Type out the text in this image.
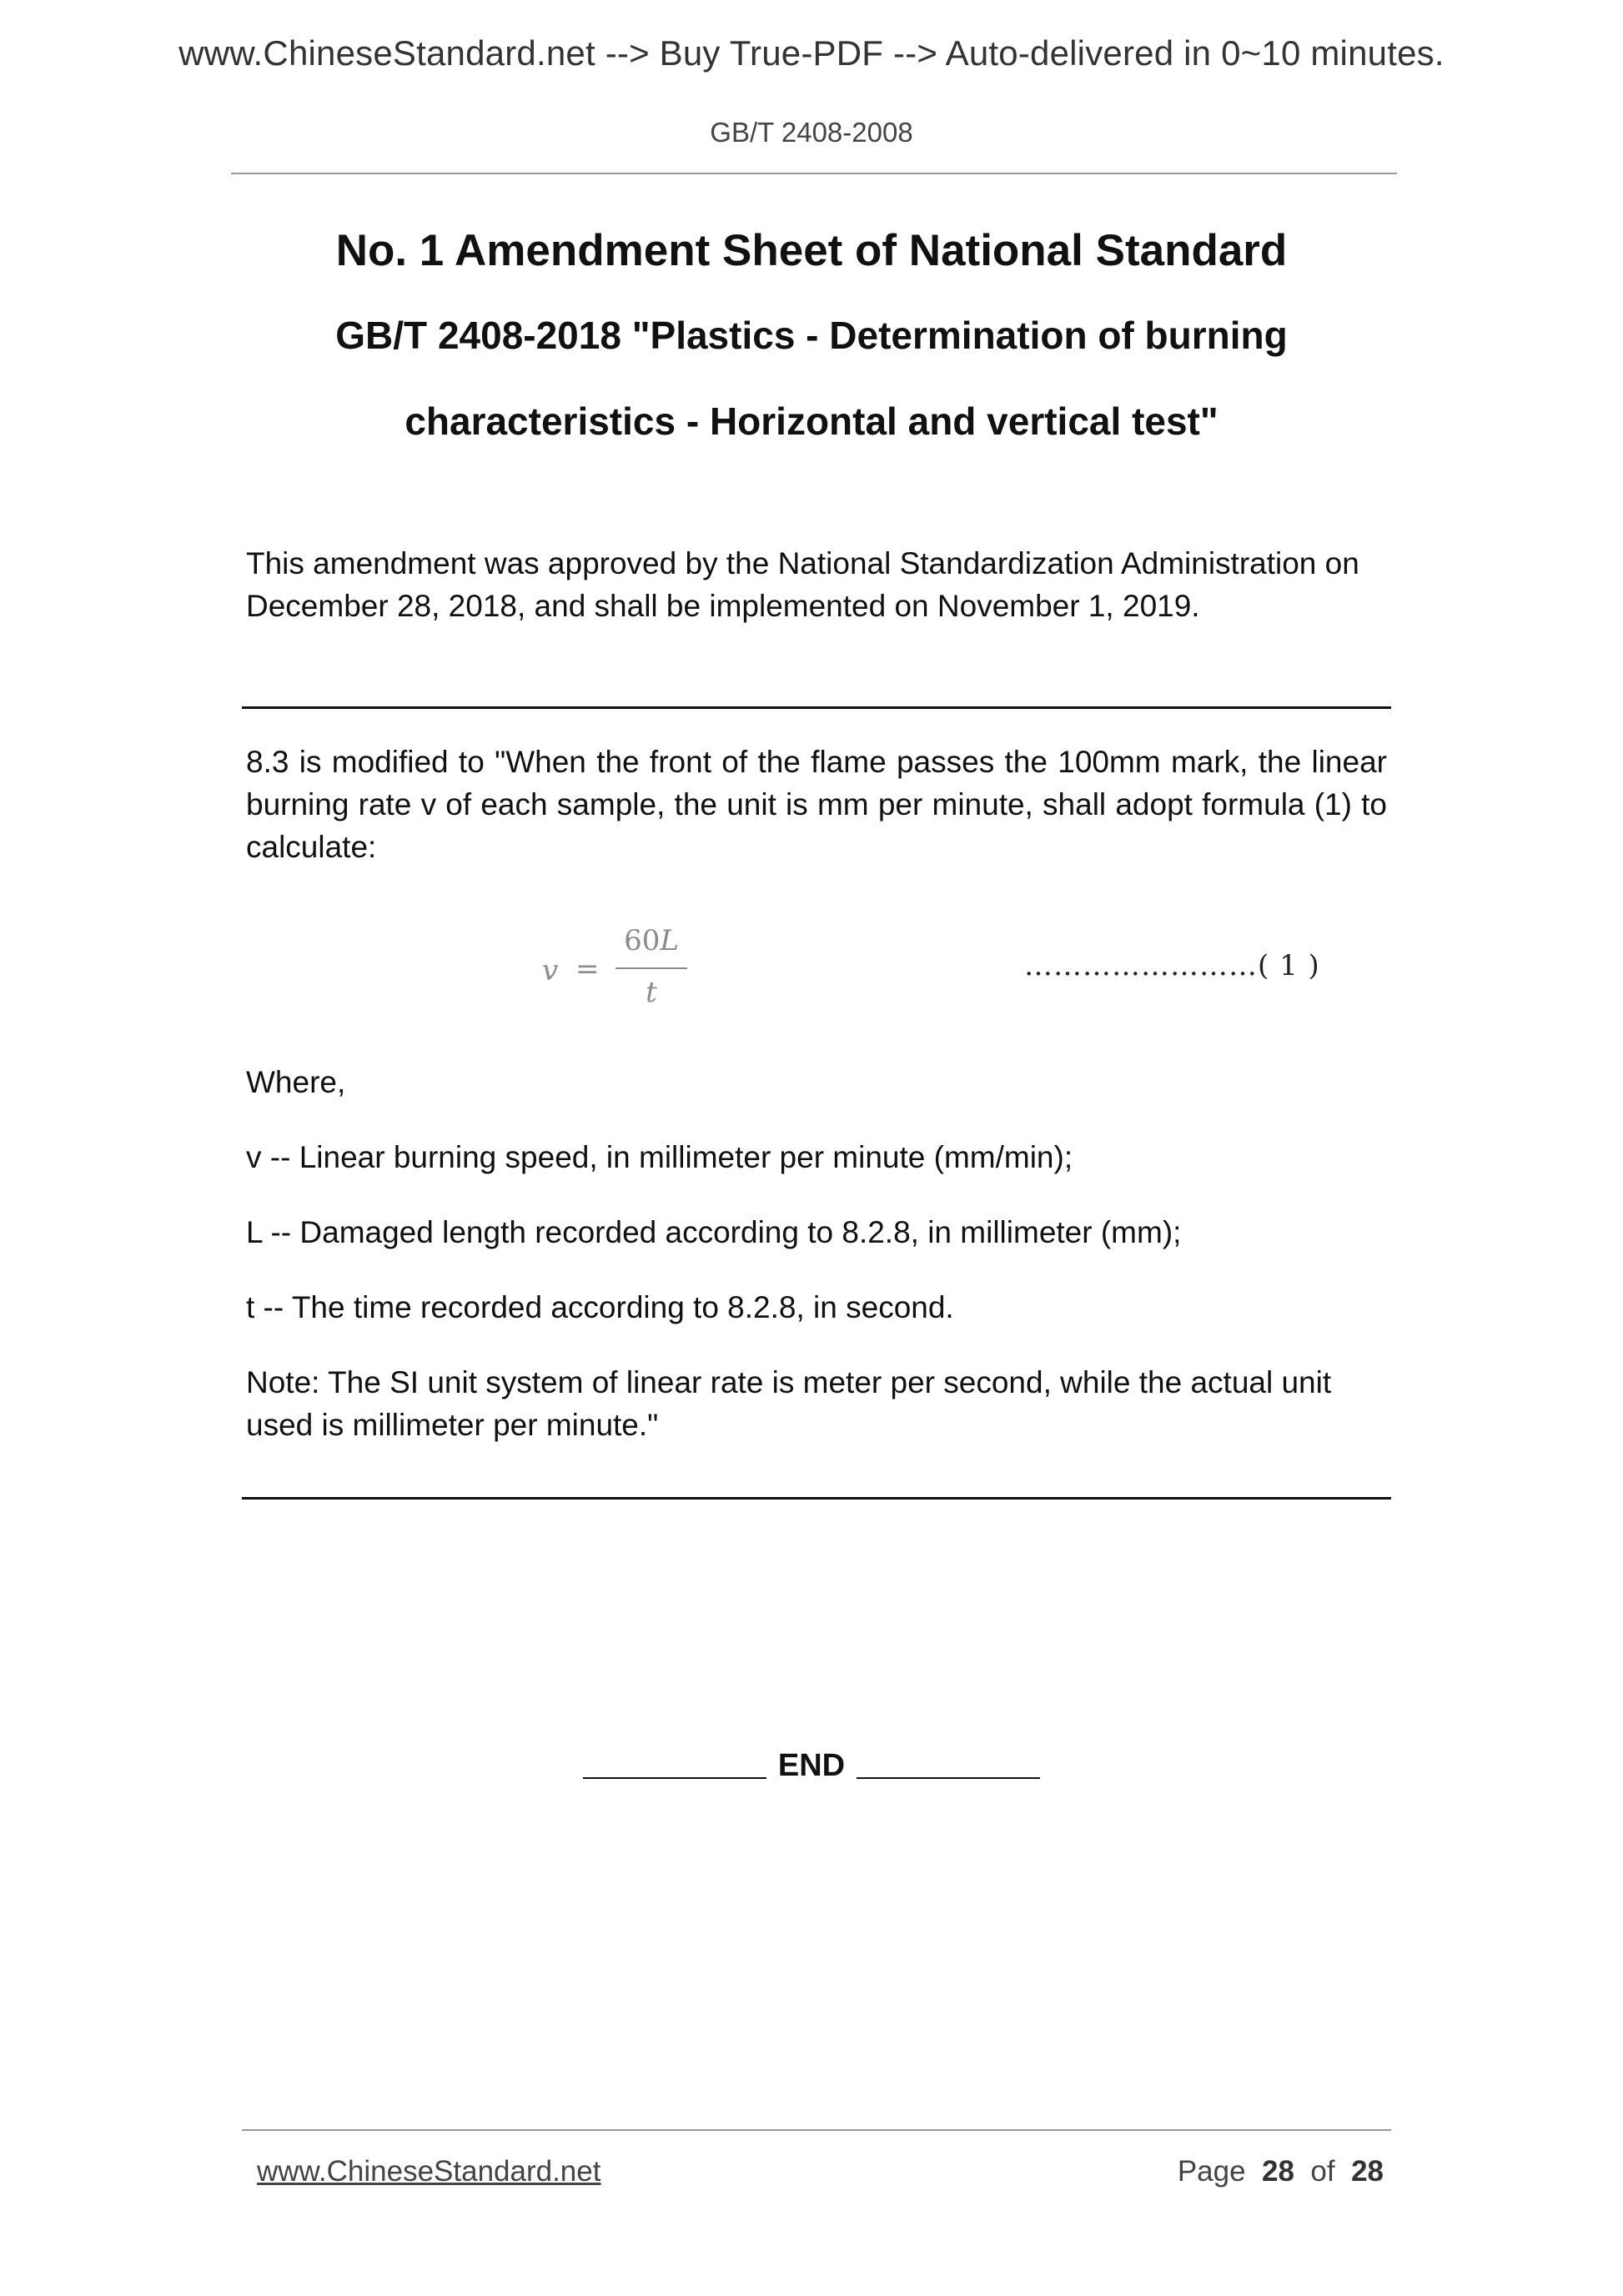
www.ChineseStandard.net --> Buy True-PDF --> Auto-delivered in 0~10 minutes.
GB/T 2408-2008
No. 1 Amendment Sheet of National Standard
GB/T 2408-2018 "Plastics - Determination of burning
characteristics - Horizontal and vertical test"
This amendment was approved by the National Standardization Administration on December 28, 2018, and shall be implemented on November 1, 2019.
8.3 is modified to "When the front of the flame passes the 100mm mark, the linear burning rate v of each sample, the unit is mm per minute, shall adopt formula (1) to calculate:
v =
60L
t
……………………( 1 )
Where,
v -- Linear burning speed, in millimeter per minute (mm/min);
L -- Damaged length recorded according to 8.2.8, in millimeter (mm);
t -- The time recorded according to 8.2.8, in second.
Note: The SI unit system of linear rate is meter per second, while the actual unit used is millimeter per minute."
END
www.ChineseStandard.net	Page 28 of 28
